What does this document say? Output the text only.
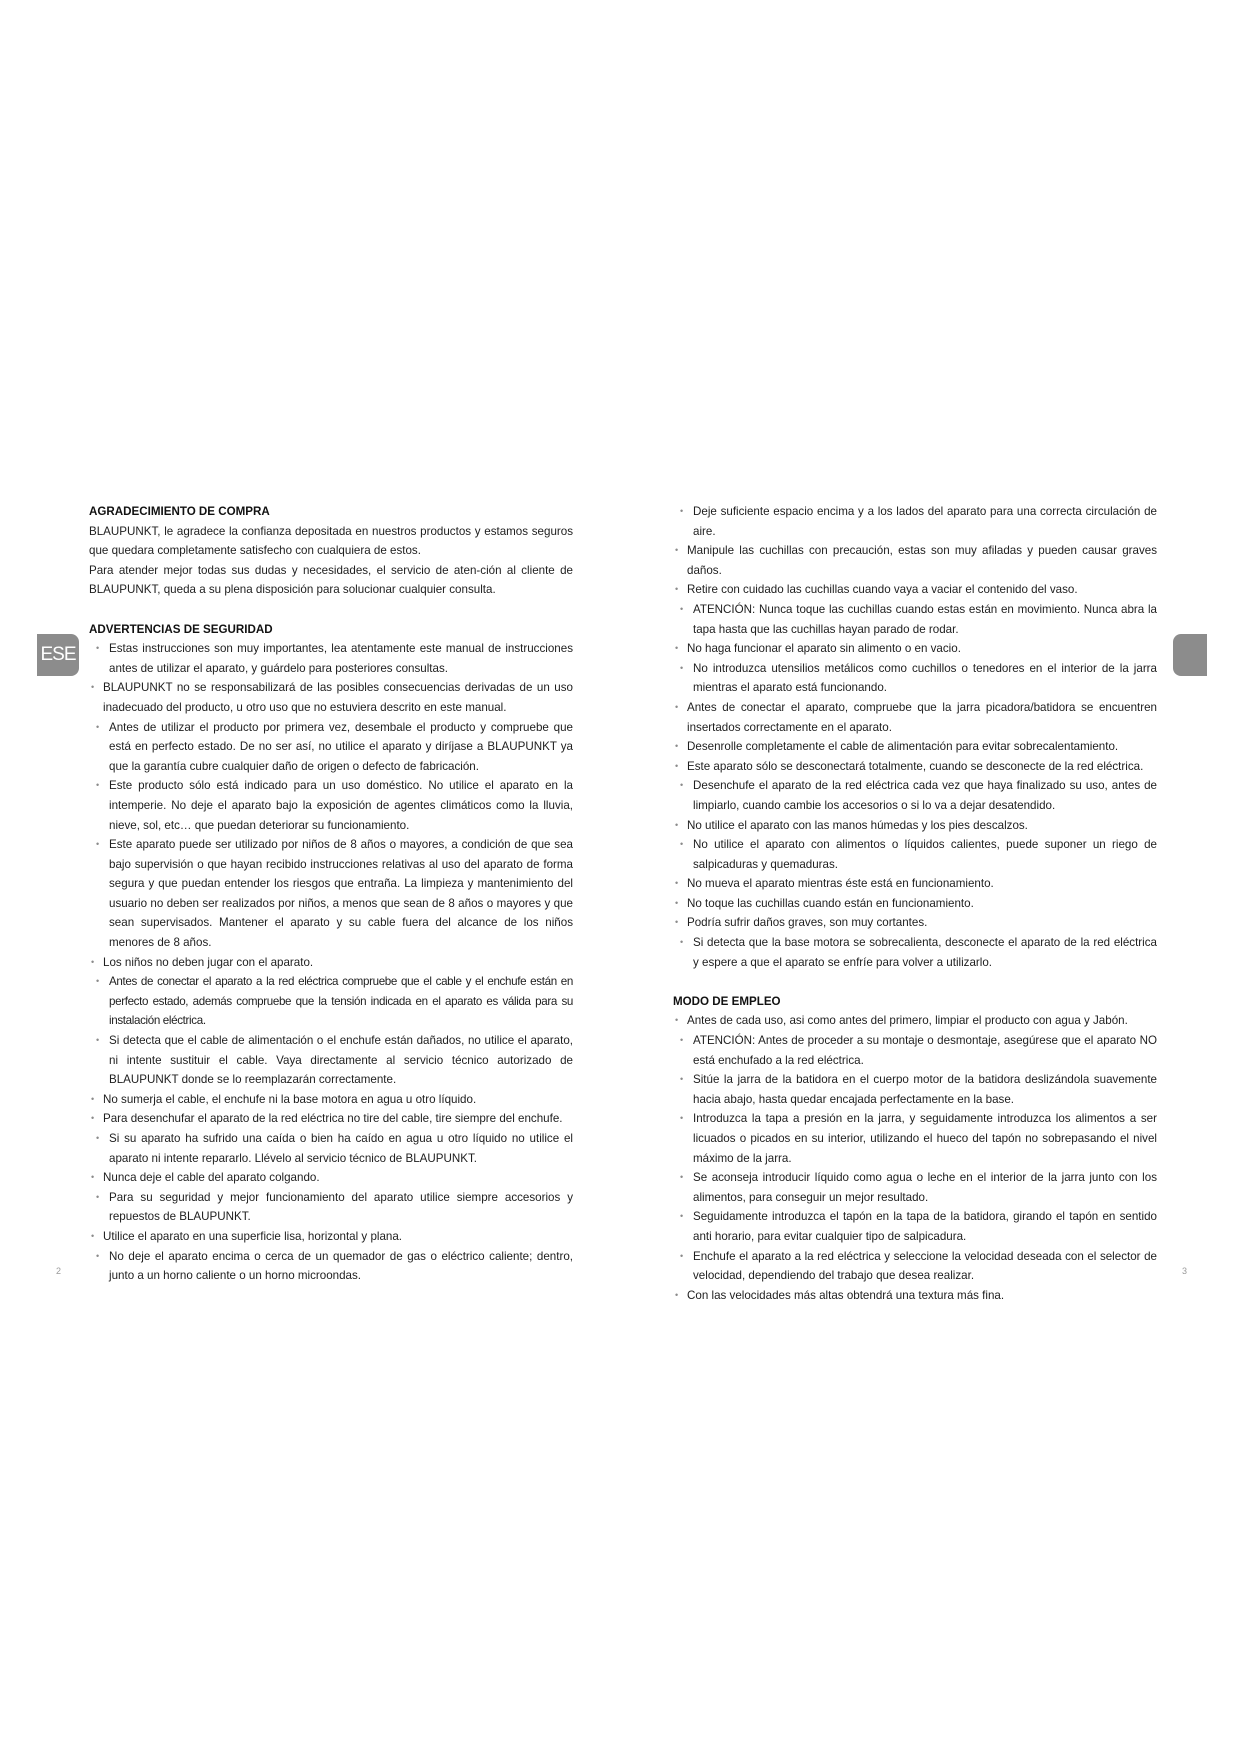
ESE
AGRADECIMIENTO DE COMPRA

BLAUPUNKT, le agradece la confianza depositada en nuestros productos y estamos seguros que quedara completamente satisfecho con cualquiera de estos.

Para atender mejor todas sus dudas y necesidades, el servicio de aten-ción al cliente de BLAUPUNKT, queda a su plena disposición para solucionar cualquier consulta.

ADVERTENCIAS DE SEGURIDAD
• Estas instrucciones son muy importantes, lea atentamente este manual de instrucciones antes de utilizar el aparato, y guárdelo para posteriores consultas.
• BLAUPUNKT no se responsabilizará de las posibles consecuencias derivadas de un uso inadecuado del producto, u otro uso que no estuviera descrito en este manual.
• Antes de utilizar el producto por primera vez, desembale el producto y compruebe que está en perfecto estado. De no ser así, no utilice el aparato y diríjase a BLAUPUNKT ya que la garantía cubre cualquier daño de origen o defecto de fabricación.
• Este producto sólo está indicado para un uso doméstico. No utilice el aparato en la intemperie. No deje el aparato bajo la exposición de agentes climáticos como la lluvia, nieve, sol, etc… que puedan deteriorar su funcionamiento.
• Este aparato puede ser utilizado por niños de 8 años o mayores, a condición de que sea bajo supervisión o que hayan recibido instrucciones relativas al uso del aparato de forma segura y que puedan entender los riesgos que entraña. La limpieza y mantenimiento del usuario no deben ser realizados por niños, a menos que sean de 8 años o mayores y que sean supervisados. Mantener el aparato y su cable fuera del alcance de los niños menores de 8 años.
• Los niños no deben jugar con el aparato.
• Antes de conectar el aparato a la red eléctrica compruebe que el cable y el enchufe están en perfecto estado, además compruebe que la tensión indicada en el aparato es válida para su instalación eléctrica.
• Si detecta que el cable de alimentación o el enchufe están dañados, no utilice el aparato, ni intente sustituir el cable. Vaya directamente al servicio técnico autorizado de BLAUPUNKT donde se lo reemplazarán correctamente.
• No sumerja el cable, el enchufe ni la base motora en agua u otro líquido.
• Para desenchufar el aparato de la red eléctrica no tire del cable, tire siempre del enchufe.
• Si su aparato ha sufrido una caída o bien ha caído en agua u otro líquido no utilice el aparato ni intente repararlo. Llévelo al servicio técnico de BLAUPUNKT.
• Nunca deje el cable del aparato colgando.
• Para su seguridad y mejor funcionamiento del aparato utilice siempre accesorios y repuestos de BLAUPUNKT.
• Utilice el aparato en una superficie lisa, horizontal y plana.
• No deje el aparato encima o cerca de un quemador de gas o eléctrico caliente; dentro, junto a un horno caliente o un horno microondas.
• Deje suficiente espacio encima y a los lados del aparato para una correcta circulación de aire.
• Manipule las cuchillas con precaución, estas son muy afiladas y pueden causar graves daños.
• Retire con cuidado las cuchillas cuando vaya a vaciar el contenido del vaso.
• ATENCIÓN: Nunca toque las cuchillas cuando estas están en movimiento. Nunca abra la tapa hasta que las cuchillas hayan parado de rodar.
• No haga funcionar el aparato sin alimento o en vacio.
• No introduzca utensilios metálicos como cuchillos o tenedores en el interior de la jarra mientras el aparato está funcionando.
• Antes de conectar el aparato, compruebe que la jarra picadora/batidora se encuentren insertados correctamente en el aparato.
• Desenrolle completamente el cable de alimentación para evitar sobrecalentamiento.
• Este aparato sólo se desconectará totalmente, cuando se desconecte de la red eléctrica.
• Desenchufe el aparato de la red eléctrica cada vez que haya finalizado su uso, antes de limpiarlo, cuando cambie los accesorios o si lo va a dejar desatendido.
• No utilice el aparato con las manos húmedas y los pies descalzos.
• No utilice el aparato con alimentos o líquidos calientes, puede suponer un riego de salpicaduras y quemaduras.
• No mueva el aparato mientras éste está en funcionamiento.
• No toque las cuchillas cuando están en funcionamiento.
• Podría sufrir daños graves, son muy cortantes.
• Si detecta que la base motora se sobrecalienta, desconecte el aparato de la red eléctrica y espere a que el aparato se enfríe para volver a utilizarlo.
MODO DE EMPLEO
• Antes de cada uso, asi como antes del primero, limpiar el producto con agua y Jabón.
• ATENCIÓN: Antes de proceder a su montaje o desmontaje, asegúrese que el aparato NO está enchufado a la red eléctrica.
• Sitúe la jarra de la batidora en el cuerpo motor de la batidora deslizándola suavemente hacia abajo, hasta quedar encajada perfectamente en la base.
• Introduzca la tapa a presión en la jarra, y seguidamente introduzca los alimentos a ser licuados o picados en su interior, utilizando el hueco del tapón no sobrepasando el nivel máximo de la jarra.
• Se aconseja introducir líquido como agua o leche en el interior de la jarra junto con los alimentos, para conseguir un mejor resultado.
• Seguidamente introduzca el tapón en la tapa de la batidora, girando el tapón en sentido anti horario, para evitar cualquier tipo de salpicadura.
• Enchufe el aparato a la red eléctrica y seleccione la velocidad deseada con el selector de velocidad, dependiendo del trabajo que desea realizar.
• Con las velocidades más altas obtendrá una textura más fina.
2	3
